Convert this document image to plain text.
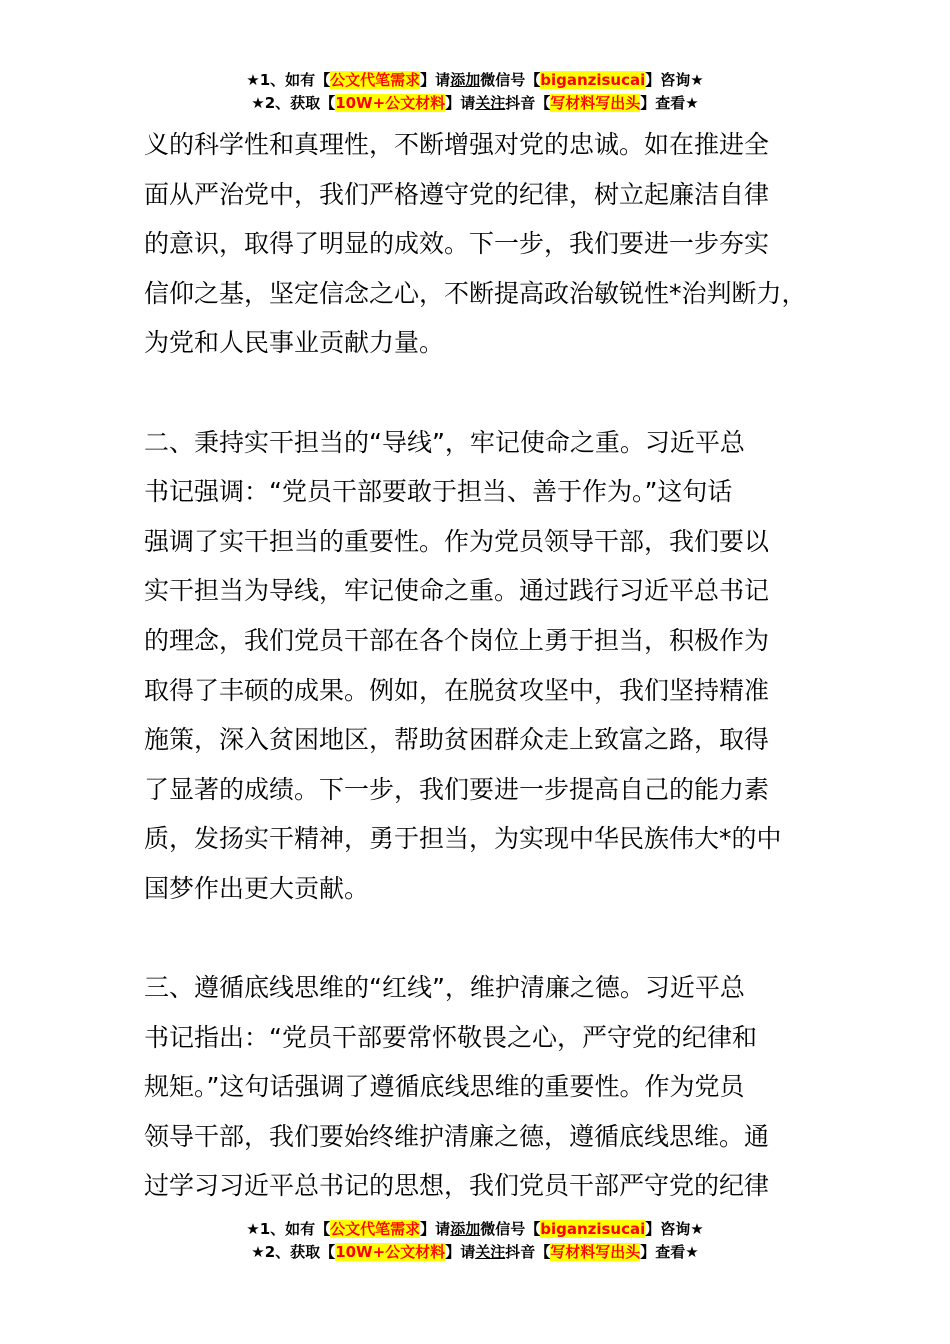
★1、如有【公文代笔需求】请添加微信号【biganzisucai】咨询★
★2、获取【10W+公文材料】请关注抖音【写材料写出头】查看★
义的科学性和真理性，不断增强对党的忠诚。如在推进全
面从严治党中，我们严格遵守党的纪律，树立起廉洁自律
的意识，取得了明显的成效。下一步，我们要进一步夯实
信仰之基，坚定信念之心，不断提高政治敏锐性*治判断力，
为党和人民事业贡献力量。
二、秉持实干担当的“导线”，牢记使命之重。习近平总
书记强调：“党员干部要敢于担当、善于作为。”这句话
强调了实干担当的重要性。作为党员领导干部，我们要以
实干担当为导线，牢记使命之重。通过践行习近平总书记
的理念，我们党员干部在各个岗位上勇于担当，积极作为
取得了丰硕的成果。例如，在脱贫攻坚中，我们坚持精准
施策，深入贫困地区，帮助贫困群众走上致富之路，取得
了显著的成绩。下一步，我们要进一步提高自己的能力素
质，发扬实干精神，勇于担当，为实现中华民族伟大*的中
国梦作出更大贡献。
三、遵循底线思维的“红线”，维护清廉之德。习近平总
书记指出：“党员干部要常怀敬畏之心，严守党的纪律和
规矩。”这句话强调了遵循底线思维的重要性。作为党员
领导干部，我们要始终维护清廉之德，遵循底线思维。通
过学习习近平总书记的思想，我们党员干部严守党的纪律
★1、如有【公文代笔需求】请添加微信号【biganzisucai】咨询★
★2、获取【10W+公文材料】请关注抖音【写材料写出头】查看★
